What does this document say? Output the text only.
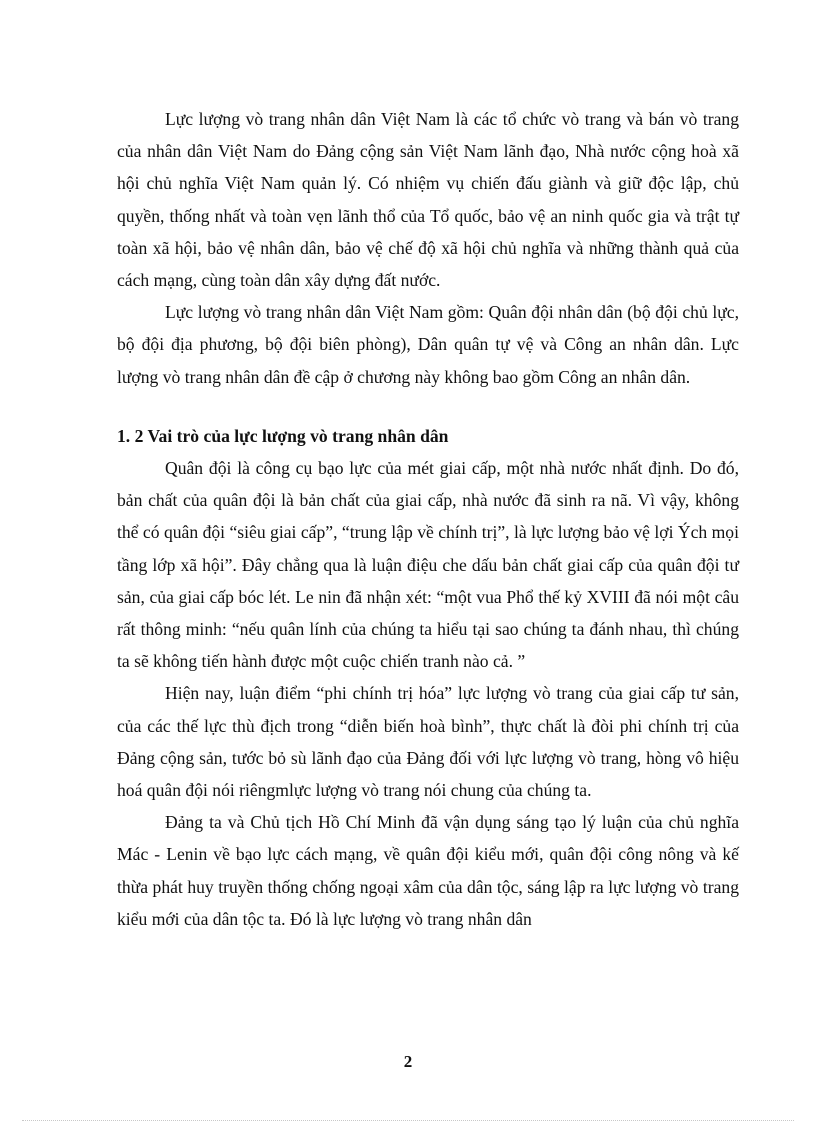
Lực lượng vò trang nhân dân Việt Nam là các tổ chức vò trang và bán vò trang của nhân dân Việt Nam do Đảng cộng sản Việt Nam lãnh đạo, Nhà nước cộng hoà xã hội chủ nghĩa Việt Nam quản lý. Có nhiệm vụ chiến đấu giành và giữ độc lập, chủ quyền, thống nhất và toàn vẹn lãnh thổ của Tổ quốc, bảo vệ an ninh quốc gia và trật tự toàn xã hội, bảo vệ nhân dân, bảo vệ chế độ xã hội chủ nghĩa và những thành quả của cách mạng, cùng toàn dân xây dựng đất nước.

Lực lượng vò trang nhân dân Việt Nam gồm: Quân đội nhân dân (bộ đội chủ lực, bộ đội địa phương, bộ đội biên phòng), Dân quân tự vệ và Công an nhân dân. Lực lượng vò trang nhân dân đề cập ở chương này không bao gồm Công an nhân dân.

1. 2 Vai trò của lực lượng vò trang nhân dân

Quân đội là công cụ bạo lực của mét giai cấp, một nhà nước nhất định. Do đó, bản chất của quân đội là bản chất của giai cấp, nhà nước đã sinh ra nã. Vì vậy, không thể có quân đội “siêu giai cấp”, “trung lập về chính trị”, là lực lượng bảo vệ lợi Ých mọi tầng lớp xã hội”. Đây chẳng qua là luận điệu che dấu bản chất giai cấp của quân đội tư sản, của giai cấp bóc lét. Le nin đã nhận xét: “một vua Phổ thế kỷ XVIII đã nói một câu rất thông minh: “nếu quân lính của chúng ta hiểu tại sao chúng ta đánh nhau, thì chúng ta sẽ không tiến hành được một cuộc chiến tranh nào cả. ”

Hiện nay, luận điểm “phi chính trị hóa” lực lượng vò trang của giai cấp tư sản, của các thế lực thù địch trong “diễn biến hoà bình”, thực chất là đòi phi chính trị của Đảng cộng sản, tước bỏ sù lãnh đạo của Đảng đối với lực lượng vò trang, hòng vô hiệu hoá quân đội nói riêngmlực lượng vò trang nói chung của chúng ta.

Đảng ta và Chủ tịch Hồ Chí Minh đã vận dụng sáng tạo lý luận của chủ nghĩa Mác - Lenin về bạo lực cách mạng, về quân đội kiểu mới, quân đội công nông và kế thừa phát huy truyền thống chống ngoại xâm của dân tộc, sáng lập ra lực lượng vò trang kiểu mới của dân tộc ta. Đó là lực lượng vò trang nhân dân

2
